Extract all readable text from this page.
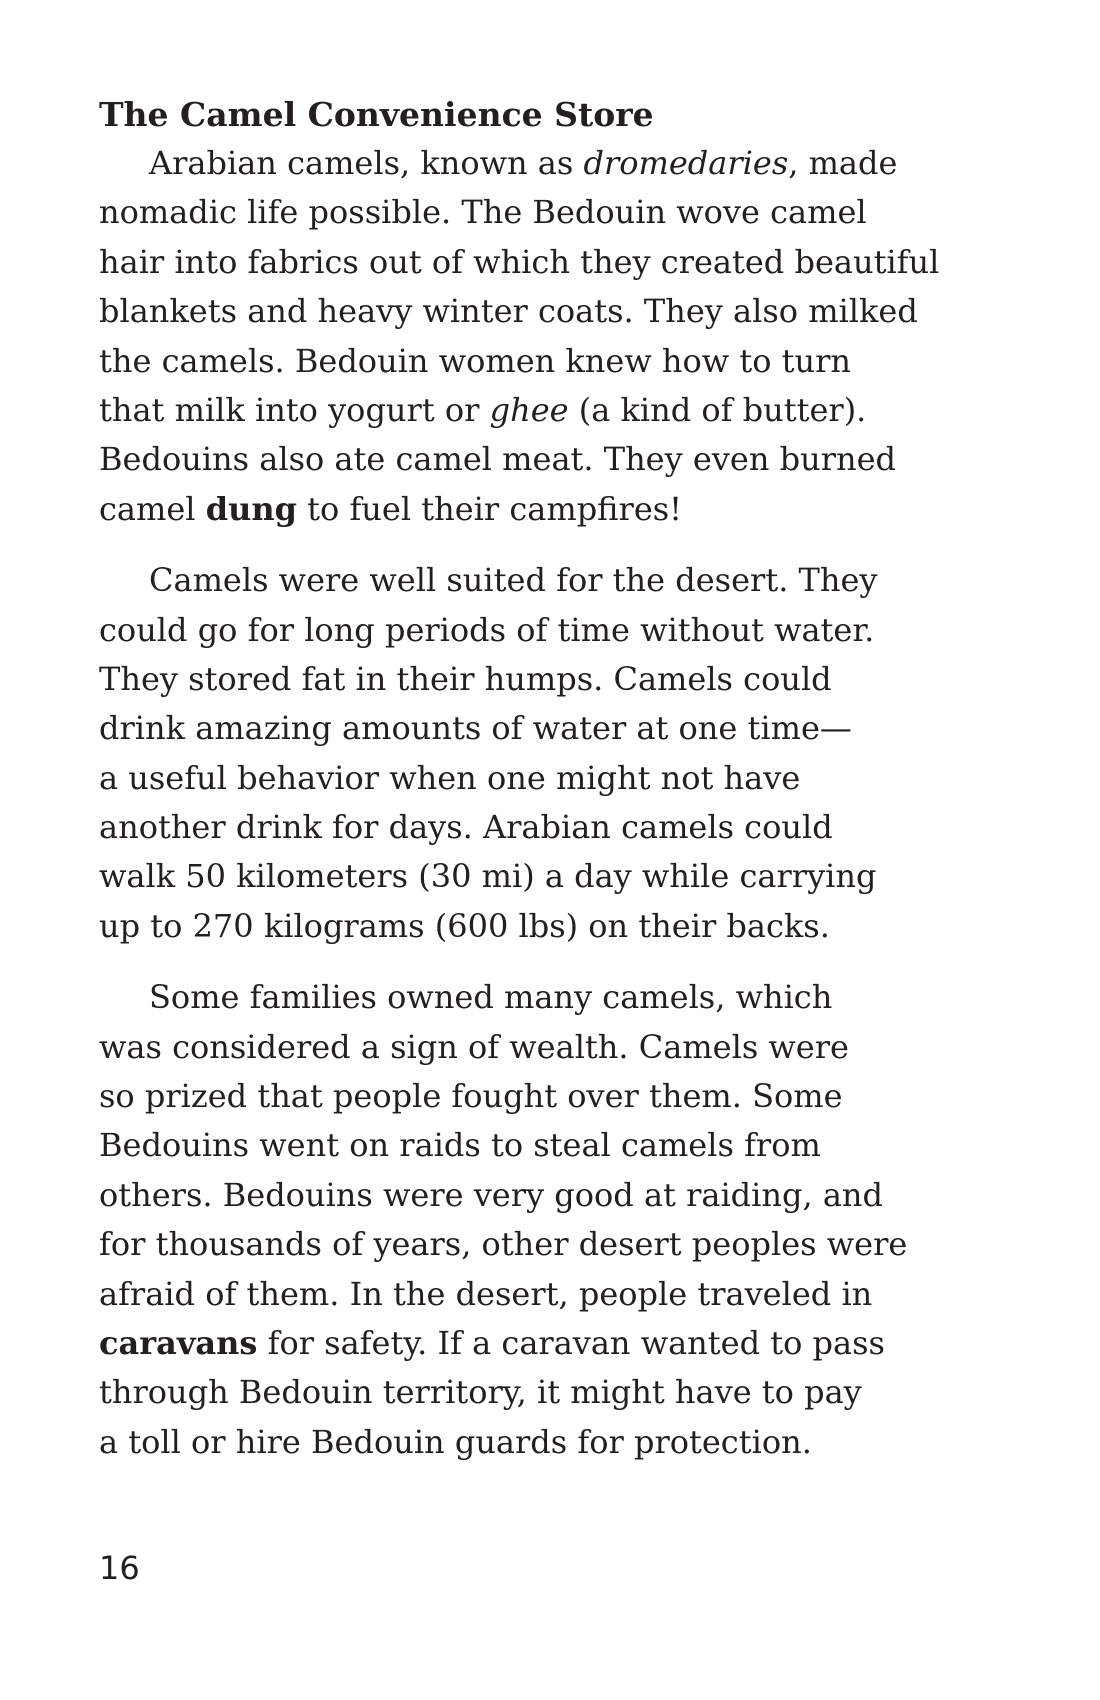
The Camel Convenience Store

Arabian camels, known as dromedaries, made
nomadic life possible. The Bedouin wove camel
hair into fabrics out of which they created beautiful
blankets and heavy winter coats. They also milked
the camels. Bedouin women knew how to turn
that milk into yogurt or ghee (a kind of butter).
Bedouins also ate camel meat. They even burned
camel dung to fuel their campfires!

Camels were well suited for the desert. They
could go for long periods of time without water.
They stored fat in their humps. Camels could
drink amazing amounts of water at one time—
a useful behavior when one might not have
another drink for days. Arabian camels could
walk 50 kilometers (30 mi) a day while carrying
up to 270 kilograms (600 lbs) on their backs.

Some families owned many camels, which
was considered a sign of wealth. Camels were
so prized that people fought over them. Some
Bedouins went on raids to steal camels from
others. Bedouins were very good at raiding, and
for thousands of years, other desert peoples were
afraid of them. In the desert, people traveled in
caravans for safety. If a caravan wanted to pass
through Bedouin territory, it might have to pay
a toll or hire Bedouin guards for protection.

16
